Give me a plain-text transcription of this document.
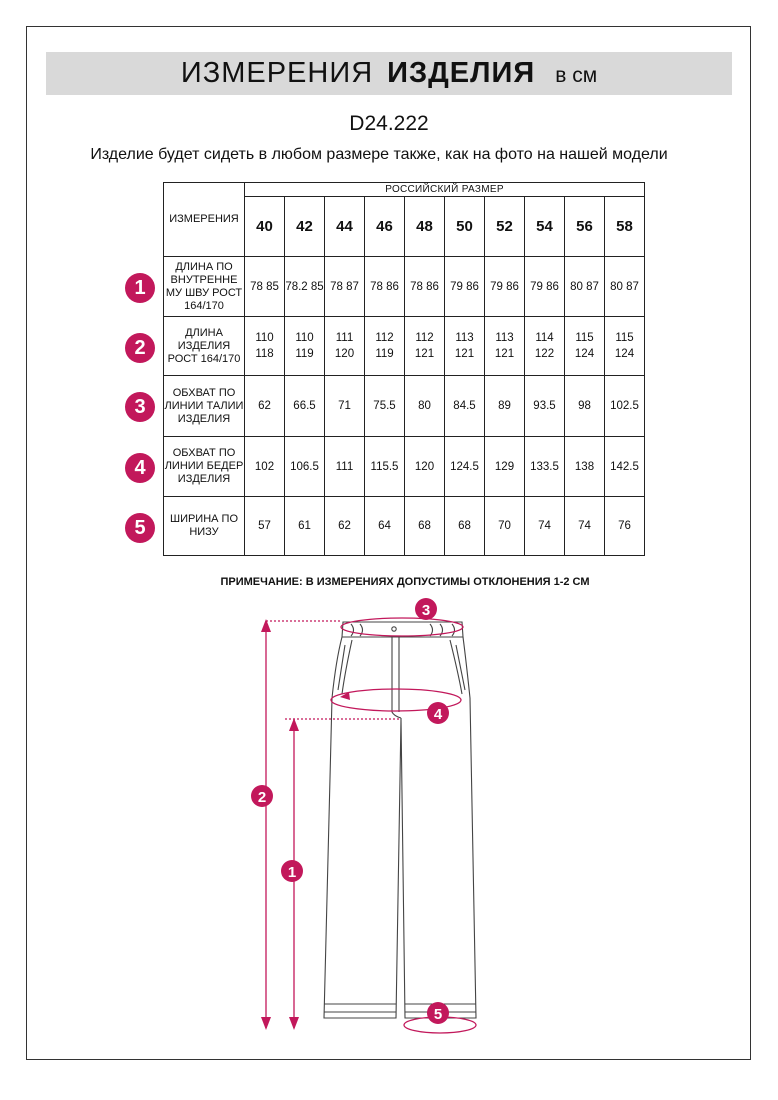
ИЗМЕРЕНИЯ ИЗДЕЛИЯ в см
D24.222
Изделие будет сидеть в любом размере также, как на фото на нашей модели
ИЗМЕРЕНИЯ	РОССИЙСКИЙ РАЗМЕР									
	40	42	44	46	48	50	52	54	56	58
ДЛИНА ПО ВНУТРЕННЕ МУ ШВУ РОСТ 164/170	78 85	78.2 85	78 87	78 86	78 86	79 86	79 86	79 86	80 87	80 87
ДЛИНА ИЗДЕЛИЯ РОСТ 164/170	110 118	110 119	111 120	112 119	112 121	113 121	113 121	114 122	115 124	115 124
ОБХВАТ ПО ЛИНИИ ТАЛИИ ИЗДЕЛИЯ	62	66.5	71	75.5	80	84.5	89	93.5	98	102.5
ОБХВАТ ПО ЛИНИИ БЕДЕР ИЗДЕЛИЯ	102	106.5	111	115.5	120	124.5	129	133.5	138	142.5
ШИРИНА ПО НИЗУ	57	61	62	64	68	68	70	74	74	76
1
2
3
4
5
ПРИМЕЧАНИЕ: В ИЗМЕРЕНИЯХ ДОПУСТИМЫ ОТКЛОНЕНИЯ 1-2 СМ
3
4
2
1
5
